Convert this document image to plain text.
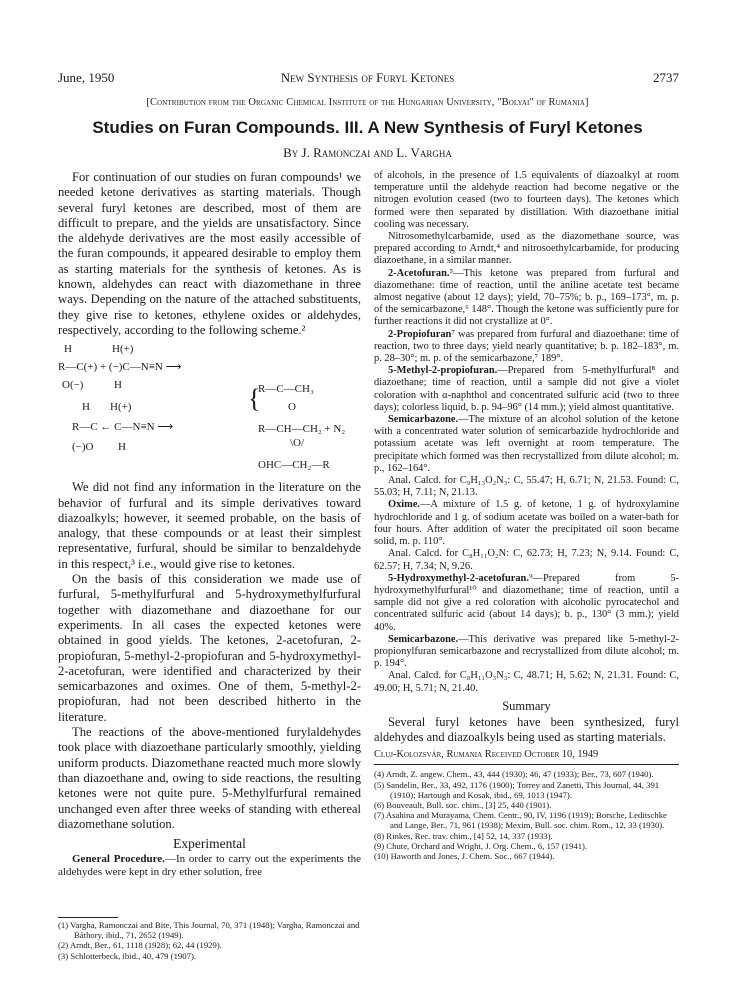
June, 1950	New Synthesis of Furyl Ketones	2737
[Contribution from the Organic Chemical Institute of the Hungarian University, "Bolyai" of Rumania]
Studies on Furan Compounds. III. A New Synthesis of Furyl Ketones
By J. Ramonczai and L. Vargha

For continuation of our studies on furan compounds¹ we needed ketone derivatives as starting materials. Though several furyl ketones are described, most of them are difficult to prepare, and the yields are unsatisfactory. Since the aldehyde derivatives are the most easily accessible of the furan compounds, it appeared desirable to employ them as starting materials for the synthesis of ketones. As is known, aldehydes can react with diazomethane in three ways. Depending on the nature of the attached substituents, they give rise to ketones, ethylene oxides or aldehydes, respectively, according to the following scheme.²

H	H(+)
R—C(+) + (−)C—N≡N ⟶
O(−)	H
H H(+)
R—C ← C—N≡N ⟶
(−)O H
{
R—C—CH₃
O
R—CH—CH₂ + N₂
\O/
OHC—CH₂—R

We did not find any information in the literature on the behavior of furfural and its simple derivatives toward diazoalkyls; however, it seemed probable, on the basis of analogy, that these compounds or at least their simplest representative, furfural, should be similar to benzaldehyde in this respect,³ i.e., would give rise to ketones.

On the basis of this consideration we made use of furfural, 5-methylfurfural and 5-hydroxymethylfurfural together with diazomethane and diazoethane for our experiments. In all cases the expected ketones were obtained in good yields. The ketones, 2-acetofuran, 2-propiofuran, 5-methyl-2-propiofuran and 5-hydroxymethyl-2-acetofuran, were identified and characterized by their semicarbazones and oximes. One of them, 5-methyl-2-propiofuran, had not been described hitherto in the literature.

The reactions of the above-mentioned furylaldehydes took place with diazoethane particularly smoothly, yielding uniform products. Diazomethane reacted much more slowly than diazoethane and, owing to side reactions, the resulting ketones were not quite pure. 5-Methylfurfural remained unchanged even after three weeks of standing with ethereal diazomethane solution.

Experimental

General Procedure.—In order to carry out the experiments the aldehydes were kept in dry ether solution, free

(1) Vargha, Ramonczai and Bite, This Journal, 70, 371 (1948); Vargha, Ramonczai and Báthory, ibid., 71, 2652 (1949).

(2) Arndt, Ber., 61, 1118 (1928); 62, 44 (1929).

(3) Schlotterbeck, ibid., 40, 479 (1907).

of alcohols, in the presence of 1.5 equivalents of diazoalkyl at room temperature until the aldehyde reaction had become negative or the nitrogen evolution ceased (two to fourteen days). The ketones which formed were then separated by distillation. With diazoethane initial cooling was necessary.

Nitrosomethylcarbamide, used as the diazomethane source, was prepared according to Arndt,⁴ and nitrosoethylcarbamide, for producing diazoethane, in a similar manner.

2-Acetofuran.⁵—This ketone was prepared from furfural and diazomethane: time of reaction, until the aniline acetate test became almost negative (about 12 days); yield, 70–75%; b. p., 169–173°, m. p. of the semicarbazone,⁶ 148°. Though the ketone was sufficiently pure for further reactions it did not crystallize at 0°.

2-Propiofuran⁷ was prepared from furfural and diazoethane: time of reaction, two to three days; yield nearly quantitative; b. p. 182–183°, m. p. 28–30°; m. p. of the semicarbazone,⁷ 189°.

5-Methyl-2-propiofuran.—Prepared from 5-methylfurfural⁸ and diazoethane; time of reaction, until a sample did not give a violet coloration with α-naphthol and concentrated sulfuric acid (two to three days); colorless liquid, b. p. 94–96° (14 mm.); yield almost quantitative.

Semicarbazone.—The mixture of an alcohol solution of the ketone with a concentrated water solution of semicarbazide hydrochloride and potassium acetate was left overnight at room temperature. The precipitate which formed was then recrystallized from dilute alcohol; m. p., 162–164°.

Anal. Calcd. for C₉H₁₃O₂N₃: C, 55.47; H, 6.71; N, 21.53. Found: C, 55.03; H, 7.11; N, 21.13.

Oxime.—A mixture of 1.5 g. of ketone, 1 g. of hydroxylamine hydrochloride and 1 g. of sodium acetate was boiled on a water-bath for four hours. After addition of water the precipitated oil soon became solid, m. p. 110°.

Anal. Calcd. for C₈H₁₁O₂N: C, 62.73; H, 7.23; N, 9.14. Found: C, 62.57; H, 7.34; N, 9.26.

5-Hydroxymethyl-2-acetofuran.⁹—Prepared from 5-hydroxymethylfurfural¹⁰ and diazomethane; time of reaction, until a sample did not give a red coloration with alcoholic pyrocatechol and concentrated sulfuric acid (about 14 days); b. p., 130° (3 mm.); yield 40%.

Semicarbazone.—This derivative was prepared like 5-methyl-2-propionylfuran semicarbazone and recrystallized from dilute alcohol; m. p. 194°.

Anal. Calcd. for C₈H₁₁O₃N₃: C, 48.71; H, 5.62; N, 21.31. Found: C, 49.00; H, 5.71; N, 21.40.

Summary

Several furyl ketones have been synthesized, furyl aldehydes and diazoalkyls being used as starting materials.

Cluj-Kolozsvár, Rumania Received October 10, 1949

(4) Arndt, Z. angew. Chem., 43, 444 (1930); 46, 47 (1933); Ber., 73, 607 (1940).

(5) Sandelin, Ber., 33, 492, 1176 (1900); Torrey and Zanetti, This Journal, 44, 391 (1910); Hartough and Kosak, ibid., 69, 1013 (1947).

(6) Bouveault, Bull. soc. chim., [3] 25, 440 (1901).

(7) Asahina and Murayama, Chem. Centr., 90, IV, 1196 (1919); Borsche, Leditschke and Lange, Ber., 71, 961 (1938); Mexim, Bull. soc. chim. Rom., 12, 33 (1930).

(8) Rinkes, Rec. trav. chim., [4] 52, 14, 337 (1933).

(9) Chute, Orchard and Wright, J. Org. Chem., 6, 157 (1941).

(10) Haworth and Jones, J. Chem. Soc., 667 (1944).
